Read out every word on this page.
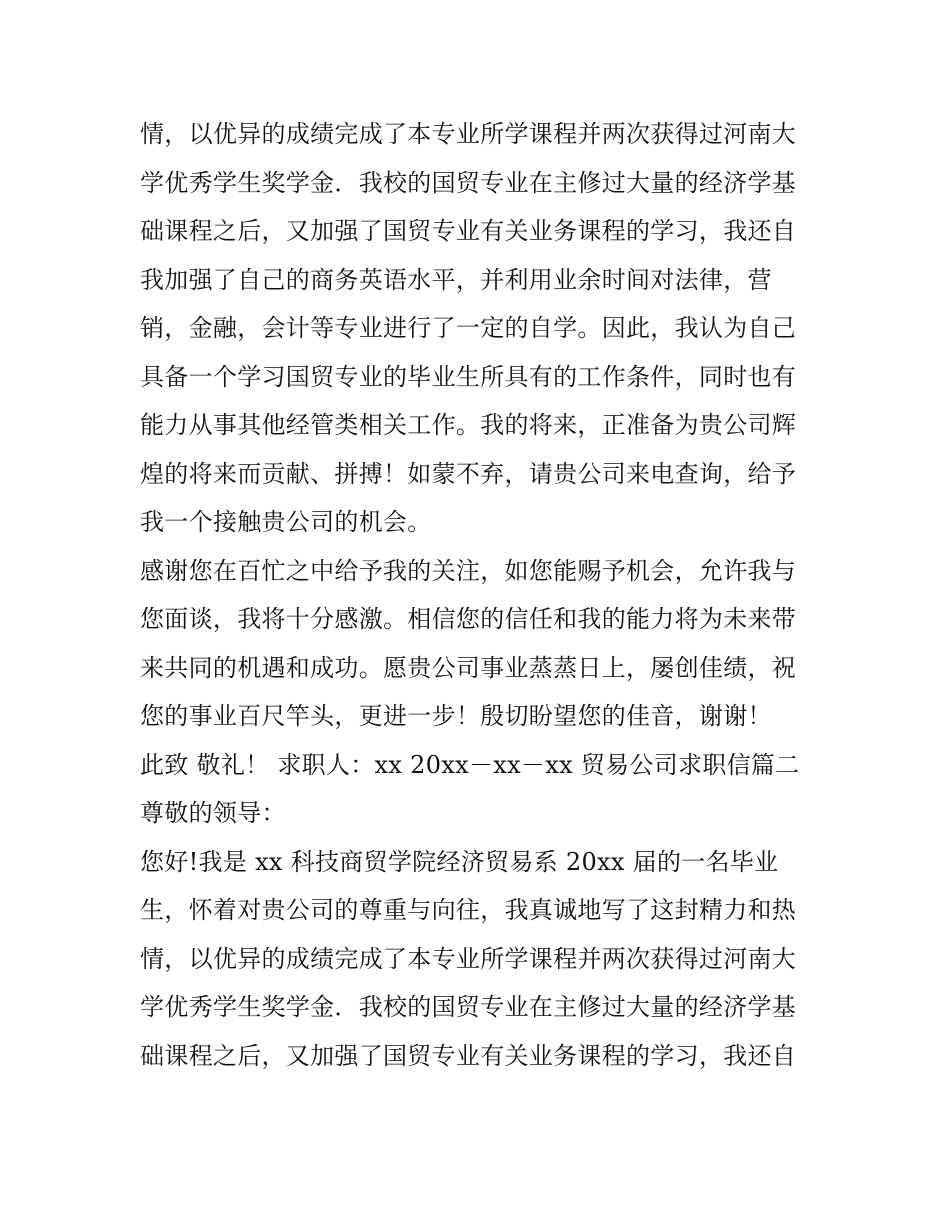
情，以优异的成绩完成了本专业所学课程并两次获得过河南大

学优秀学生奖学金．我校的国贸专业在主修过大量的经济学基

础课程之后，又加强了国贸专业有关业务课程的学习，我还自

我加强了自己的商务英语水平，并利用业余时间对法律，营

销，金融，会计等专业进行了一定的自学。因此，我认为自己

具备一个学习国贸专业的毕业生所具有的工作条件，同时也有

能力从事其他经管类相关工作。我的将来，正准备为贵公司辉

煌的将来而贡献、拼搏！如蒙不弃，请贵公司来电查询，给予

我一个接触贵公司的机会。

感谢您在百忙之中给予我的关注，如您能赐予机会，允许我与

您面谈，我将十分感激。相信您的信任和我的能力将为未来带

来共同的机遇和成功。愿贵公司事业蒸蒸日上，屡创佳绩，祝

您的事业百尺竿头，更进一步！殷切盼望您的佳音，谢谢！

此致 敬礼！ 求职人：xx 20xx－xx－xx 贸易公司求职信篇二

尊敬的领导：

您好!我是 xx 科技商贸学院经济贸易系 20xx 届的一名毕业

生，怀着对贵公司的尊重与向往，我真诚地写了这封精力和热

情，以优异的成绩完成了本专业所学课程并两次获得过河南大

学优秀学生奖学金．我校的国贸专业在主修过大量的经济学基

础课程之后，又加强了国贸专业有关业务课程的学习，我还自
